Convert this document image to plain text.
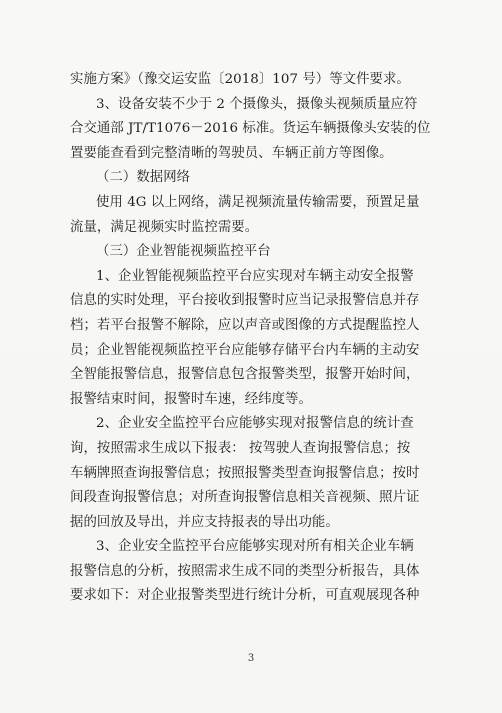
实施方案》（豫交运安监〔2018〕107 号）等文件要求。
3、设备安装不少于 2 个摄像头，摄像头视频质量应符
合交通部 JT/T1076－2016 标准。货运车辆摄像头安装的位
置要能查看到完整清晰的驾驶员、车辆正前方等图像。
（二）数据网络
使用 4G 以上网络，满足视频流量传输需要，预置足量
流量，满足视频实时监控需要。
（三）企业智能视频监控平台
1、企业智能视频监控平台应实现对车辆主动安全报警
信息的实时处理，平台接收到报警时应当记录报警信息并存
档；若平台报警不解除，应以声音或图像的方式提醒监控人
员；企业智能视频监控平台应能够存储平台内车辆的主动安
全智能报警信息，报警信息包含报警类型，报警开始时间，
报警结束时间，报警时车速，经纬度等。
2、企业安全监控平台应能够实现对报警信息的统计查
询，按照需求生成以下报表： 按驾驶人查询报警信息；按
车辆牌照查询报警信息；按照报警类型查询报警信息；按时
间段查询报警信息；对所查询报警信息相关音视频、照片证
据的回放及导出，并应支持报表的导出功能。
3、企业安全监控平台应能够实现对所有相关企业车辆
报警信息的分析，按照需求生成不同的类型分析报告，具体
要求如下：对企业报警类型进行统计分析，可直观展现各种
3
